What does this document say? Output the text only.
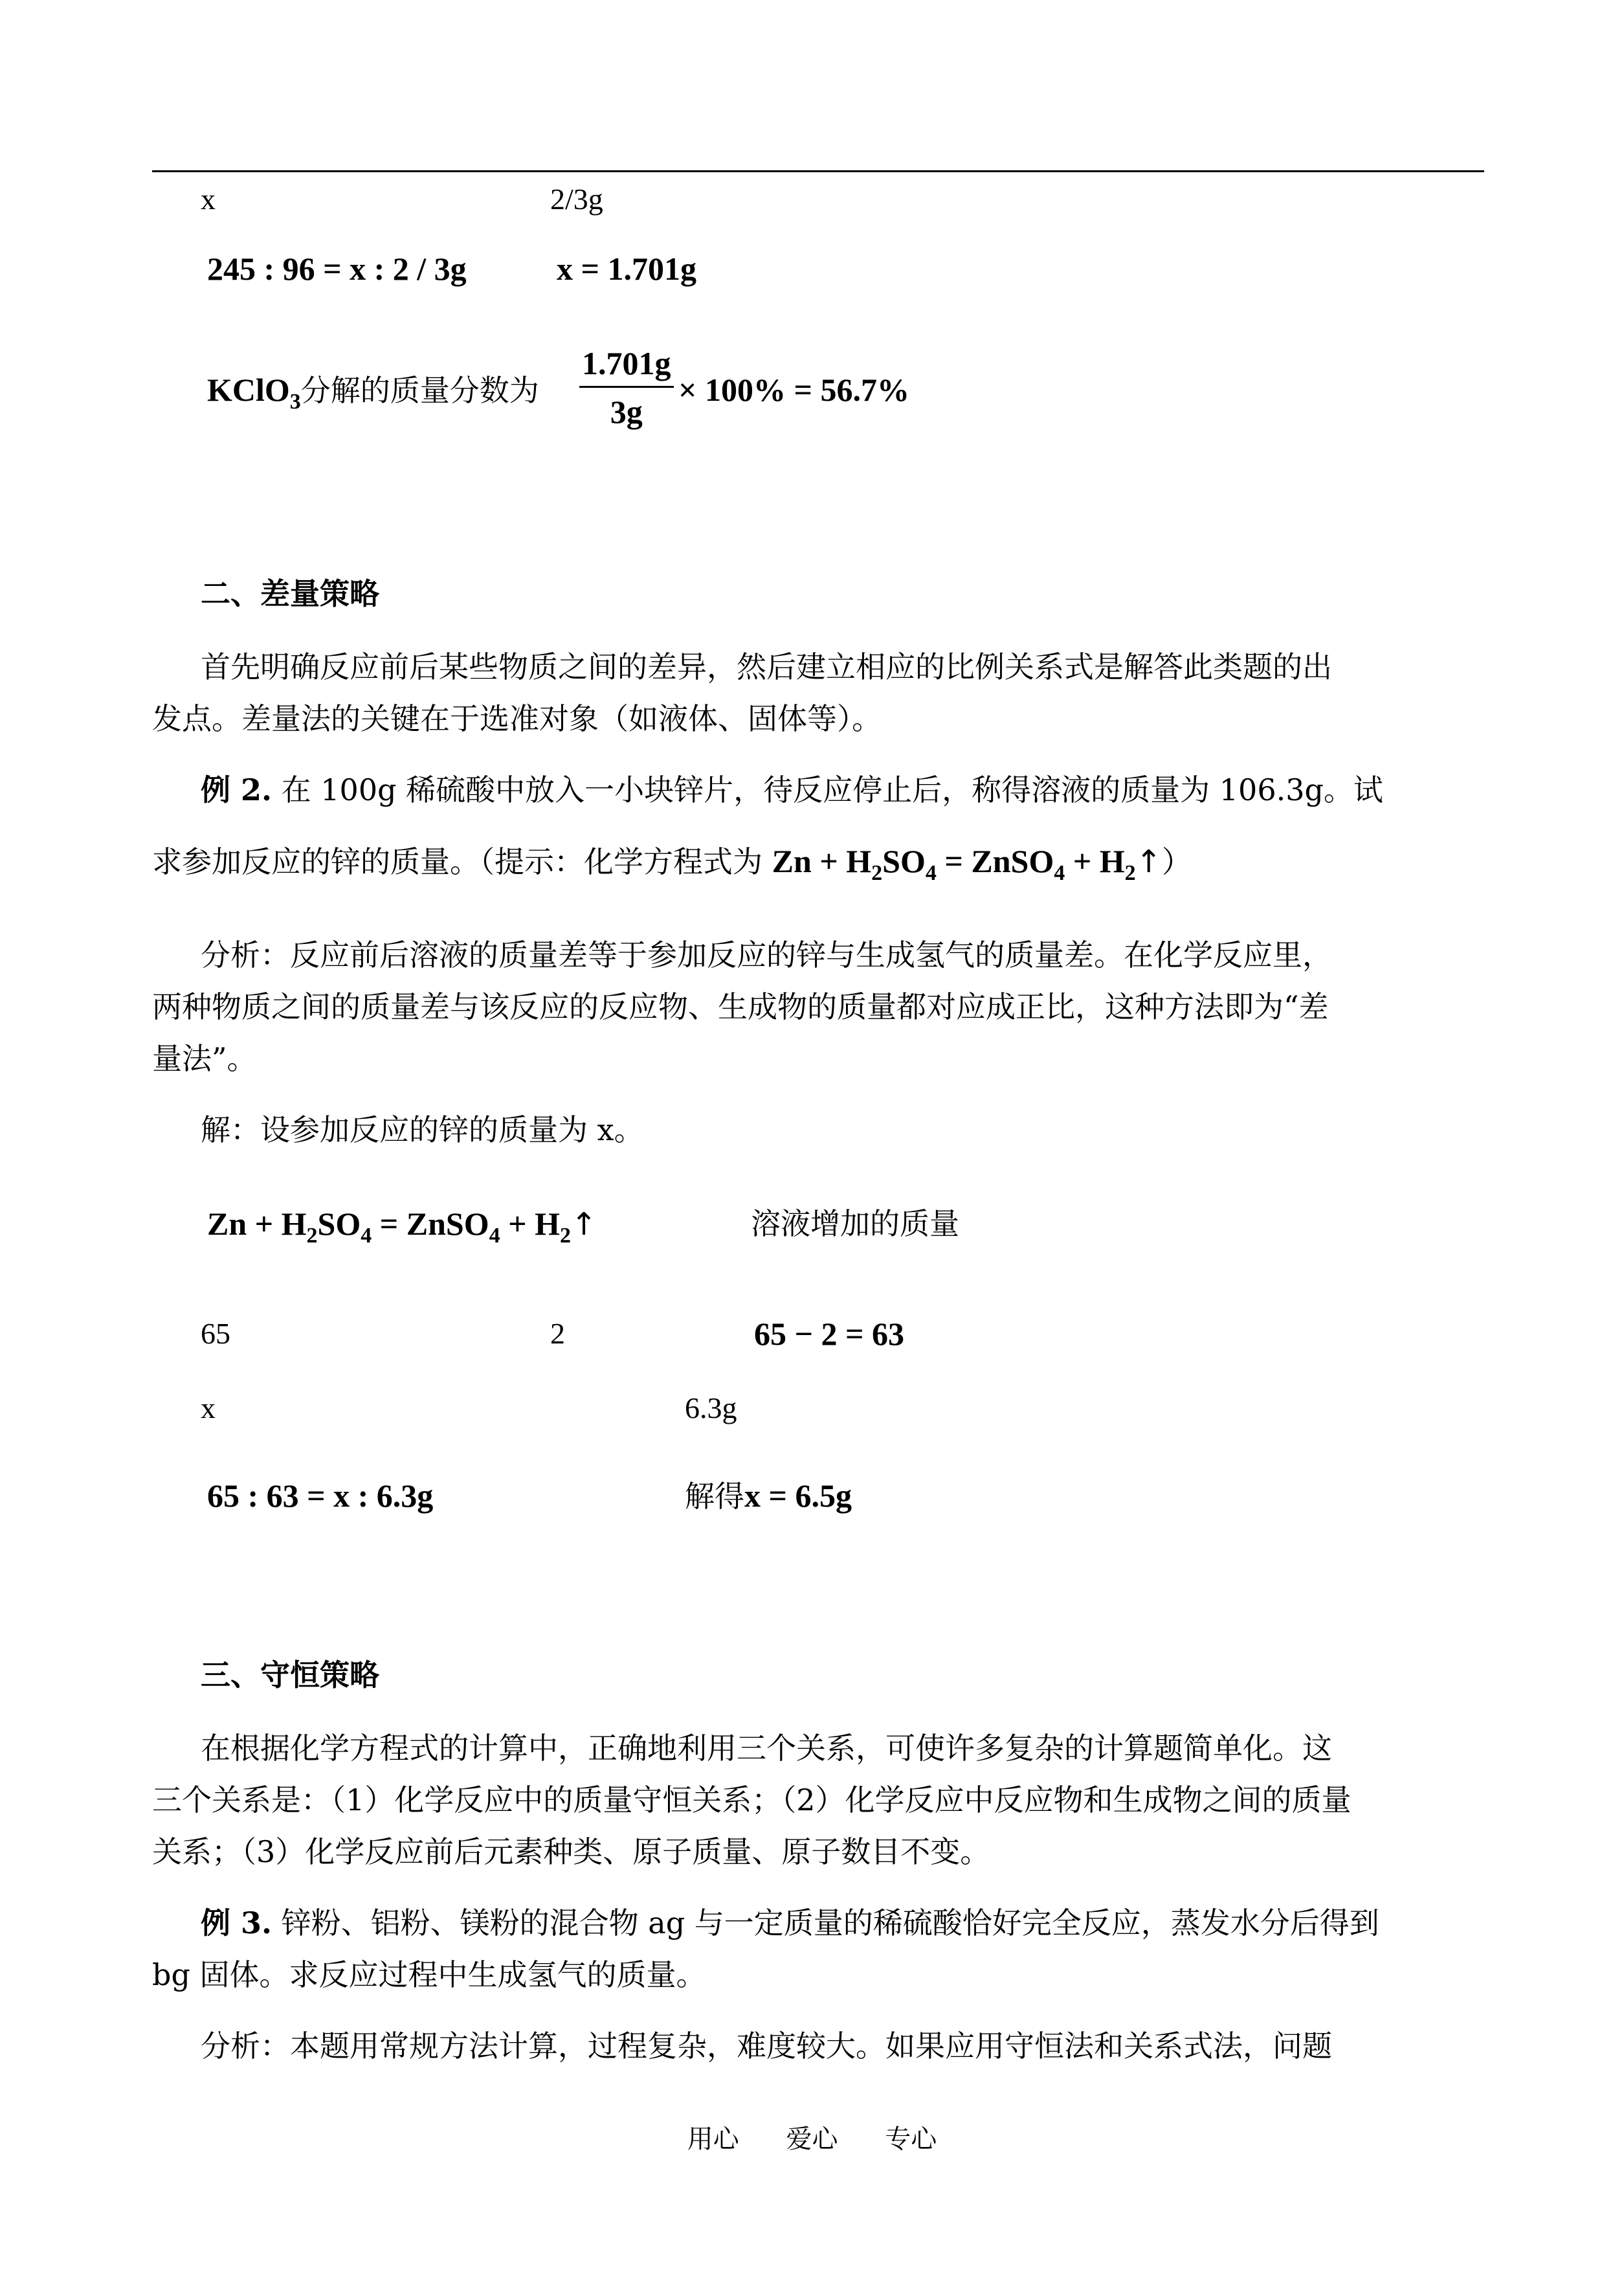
x	2/3g
245 : 96 = x : 2 / 3g	x = 1.701g
KClO$_3$分解的质量分数为 $\frac{1.701g}{3g} \times 100\% = 56.7\%$
二、差量策略
首先明确反应前后某些物质之间的差异，然后建立相应的比例关系式是解答此类题的出
发点。差量法的关键在于选准对象（如液体、固体等）。
例 2. 在 100g 稀硫酸中放入一小块锌片，待反应停止后，称得溶液的质量为 106.3g。试
求参加反应的锌的质量。（提示：化学方程式为 $Zn + H_2SO_4$ = ZnSO$_4$ + $H_2↑$）
分析：反应前后溶液的质量差等于参加反应的锌与生成氢气的质量差。在化学反应里，
两种物质之间的质量差与该反应的反应物、生成物的质量都对应成正比，这种方法即为“差
量法”。
解：设参加反应的锌的质量为 x。
$Zn + H_2SO_4$ = ZnSO$_4$ + $H_2↑$	溶液增加的质量
65	2	65 − 2 = 63
x	6.3g
65 : 63 = x : 6.3g	解得x = 6.5g
三、守恒策略
在根据化学方程式的计算中，正确地利用三个关系，可使许多复杂的计算题简单化。这
三个关系是：（1）化学反应中的质量守恒关系；（2）化学反应中反应物和生成物之间的质量
关系；（3）化学反应前后元素种类、原子质量、原子数目不变。
例 3. 锌粉、铝粉、镁粉的混合物 ag 与一定质量的稀硫酸恰好完全反应，蒸发水分后得到
bg 固体。求反应过程中生成氢气的质量。
分析：本题用常规方法计算，过程复杂，难度较大。如果应用守恒法和关系式法，问题
用心 爱心 专心
